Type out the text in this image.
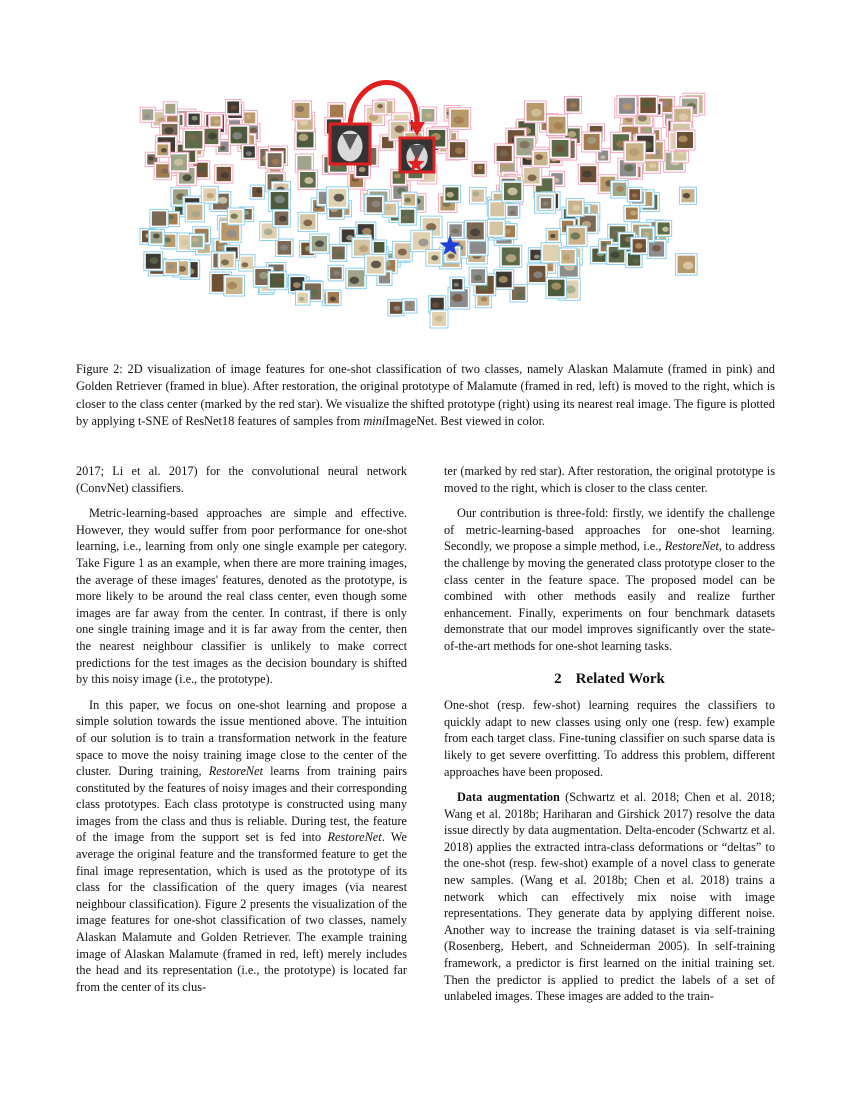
Figure 2: 2D visualization of image features for one-shot classification of two classes, namely Alaskan Malamute (framed in pink) and Golden Retriever (framed in blue). After restoration, the original prototype of Malamute (framed in red, left) is moved to the right, which is closer to the class center (marked by the red star). We visualize the shifted prototype (right) using its nearest real image. The figure is plotted by applying t-SNE of ResNet18 features of samples from miniImageNet. Best viewed in color.

2017; Li et al. 2017) for the convolutional neural network (ConvNet) classifiers.

Metric-learning-based approaches are simple and effective. However, they would suffer from poor performance for one-shot learning, i.e., learning from only one single example per category. Take Figure 1 as an example, when there are more training images, the average of these images' features, denoted as the prototype, is more likely to be around the real class center, even though some images are far away from the center. In contrast, if there is only one single training image and it is far away from the center, then the nearest neighbour classifier is unlikely to make correct predictions for the test images as the decision boundary is shifted by this noisy image (i.e., the prototype).

In this paper, we focus on one-shot learning and propose a simple solution towards the issue mentioned above. The intuition of our solution is to train a transformation network in the feature space to move the noisy training image close to the center of the cluster. During training, RestoreNet learns from training pairs constituted by the features of noisy images and their corresponding class prototypes. Each class prototype is constructed using many images from the class and thus is reliable. During test, the feature of the image from the support set is fed into RestoreNet. We average the original feature and the transformed feature to get the final image representation, which is used as the prototype of its class for the classification of the query images (via nearest neighbour classification). Figure 2 presents the visualization of the image features for one-shot classification of two classes, namely Alaskan Malamute and Golden Retriever. The example training image of Alaskan Malamute (framed in red, left) merely includes the head and its representation (i.e., the prototype) is located far from the center of its clus-

ter (marked by red star). After restoration, the original prototype is moved to the right, which is closer to the class center.

Our contribution is three-fold: firstly, we identify the challenge of metric-learning-based approaches for one-shot learning. Secondly, we propose a simple method, i.e., RestoreNet, to address the challenge by moving the generated class prototype closer to the class center in the feature space. The proposed model can be combined with other methods easily and realize further enhancement. Finally, experiments on four benchmark datasets demonstrate that our model improves significantly over the state-of-the-art methods for one-shot learning tasks.

2 Related Work

One-shot (resp. few-shot) learning requires the classifiers to quickly adapt to new classes using only one (resp. few) example from each target class. Fine-tuning classifier on such sparse data is likely to get severe overfitting. To address this problem, different approaches have been proposed.

Data augmentation (Schwartz et al. 2018; Chen et al. 2018; Wang et al. 2018b; Hariharan and Girshick 2017) resolve the data issue directly by data augmentation. Delta-encoder (Schwartz et al. 2018) applies the extracted intra-class deformations or “deltas” to the one-shot (resp. few-shot) example of a novel class to generate new samples. (Wang et al. 2018b; Chen et al. 2018) trains a network which can effectively mix noise with image representations. They generate data by applying different noise. Another way to increase the training dataset is via self-training (Rosenberg, Hebert, and Schneiderman 2005). In self-training framework, a predictor is first learned on the initial training set. Then the predictor is applied to predict the labels of a set of unlabeled images. These images are added to the train-
